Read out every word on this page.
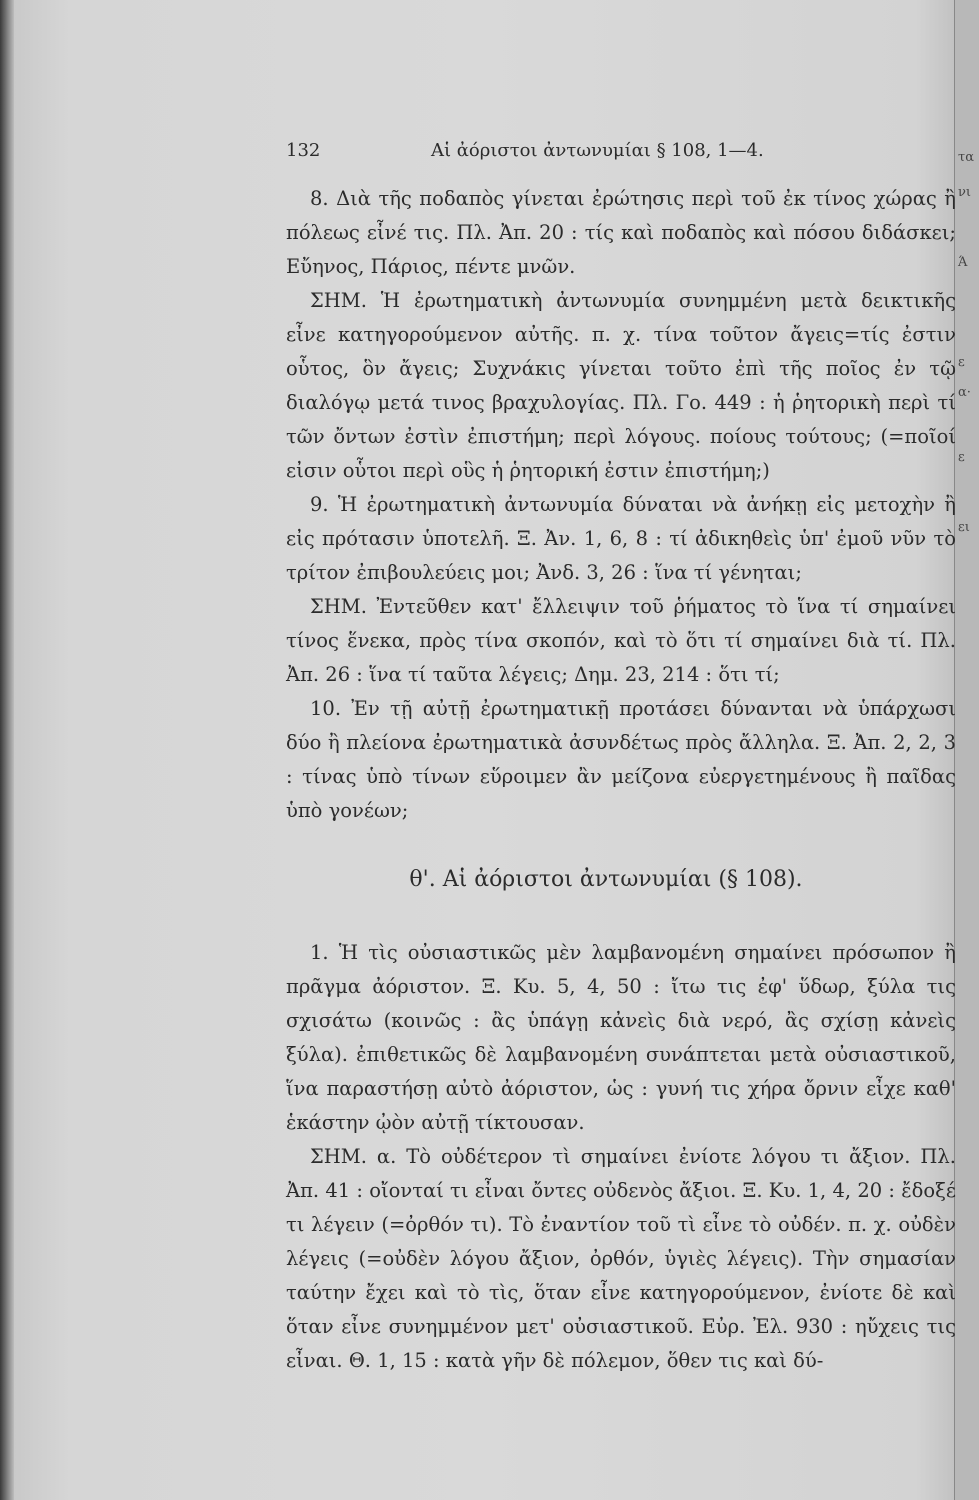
τα
νι
Ά
ε
α·
ε
ει
132	Αἱ ἀόριστοι ἀντωνυμίαι § 108, 1—4.

8. Διὰ τῆς ποδαπὸς γίνεται ἐρώτησις περὶ τοῦ ἐκ τίνος χώρας ἢ πόλεως εἶνέ τις. Πλ. Ἀπ. 20 : τίς καὶ ποδαπὸς καὶ πόσου διδάσκει; Εὔηνος, Πάριος, πέντε μνῶν.

ΣΗΜ. Ἡ ἐρωτηματικὴ ἀντωνυμία συνημμένη μετὰ δεικτικῆς εἶνε κατηγορούμενον αὐτῆς. π. χ. τίνα τοῦτον ἄγεις=τίς ἐστιν οὗτος, ὃν ἄγεις; Συχνάκις γίνεται τοῦτο ἐπὶ τῆς ποῖος ἐν τῷ διαλόγῳ μετά τινος βραχυλογίας. Πλ. Γο. 449 : ἡ ῥητορικὴ περὶ τί τῶν ὄντων ἐστὶν ἐπιστήμη; περὶ λόγους. ποίους τούτους; (=ποῖοί εἰσιν οὗτοι περὶ οὓς ἡ ῥητορική ἐστιν ἐπιστήμη;)

9. Ἡ ἐρωτηματικὴ ἀντωνυμία δύναται νὰ ἀνήκῃ εἰς μετοχὴν ἢ εἰς πρότασιν ὑποτελῆ. Ξ. Ἀν. 1, 6, 8 : τί ἀδικηθεὶς ὑπ' ἐμοῦ νῦν τὸ τρίτον ἐπιβουλεύεις μοι; Ἀνδ. 3, 26 : ἵνα τί γένηται;

ΣΗΜ. Ἐντεῦθεν κατ' ἔλλειψιν τοῦ ῥήματος τὸ ἵνα τί σημαίνει τίνος ἕνεκα, πρὸς τίνα σκοπόν, καὶ τὸ ὅτι τί σημαίνει διὰ τί. Πλ. Ἀπ. 26 : ἵνα τί ταῦτα λέγεις; Δημ. 23, 214 : ὅτι τί;

10. Ἐν τῇ αὐτῇ ἐρωτηματικῇ προτάσει δύνανται νὰ ὑπάρχωσι δύο ἢ πλείονα ἐρωτηματικὰ ἀσυνδέτως πρὸς ἄλληλα. Ξ. Ἀπ. 2, 2, 3 : τίνας ὑπὸ τίνων εὕροιμεν ἂν μείζονα εὐεργετημένους ἢ παῖδας ὑπὸ γονέων;

θ'. Αἱ ἀόριστοι ἀντωνυμίαι (§ 108).

1. Ἡ τὶς οὐσιαστικῶς μὲν λαμβανομένη σημαίνει πρόσωπον ἢ πρᾶγμα ἀόριστον. Ξ. Κυ. 5, 4, 50 : ἴτω τις ἐφ' ὕδωρ, ξύλα τις σχισάτω (κοινῶς : ἂς ὑπάγῃ κἀνεὶς διὰ νερό, ἂς σχίσῃ κἀνεὶς ξύλα). ἐπιθετικῶς δὲ λαμβανομένη συνάπτεται μετὰ οὐσιαστικοῦ, ἵνα παραστήσῃ αὐτὸ ἀόριστον, ὡς : γυνή τις χήρα ὄρνιν εἶχε καθ' ἑκάστην ᾠὸν αὐτῇ τίκτουσαν.

ΣΗΜ. α. Τὸ οὐδέτερον τὶ σημαίνει ἐνίοτε λόγου τι ἄξιον. Πλ. Ἀπ. 41 : οἴονταί τι εἶναι ὄντες οὐδενὸς ἄξιοι. Ξ. Κυ. 1, 4, 20 : ἔδοξέ τι λέγειν (=ὀρθόν τι). Τὸ ἐναντίον τοῦ τὶ εἶνε τὸ οὐδέν. π. χ. οὐδὲν λέγεις (=οὐδὲν λόγου ἄξιον, ὀρθόν, ὑγιὲς λέγεις). Τὴν σημασίαν ταύτην ἔχει καὶ τὸ τὶς, ὅταν εἶνε κατηγορούμενον, ἐνίοτε δὲ καὶ ὅταν εἶνε συνημμένον μετ' οὐσιαστικοῦ. Εὐρ. Ἐλ. 930 : ηὔχεις τις εἶναι. Θ. 1, 15 : κατὰ γῆν δὲ πόλεμον, ὅθεν τις καὶ δύ-
